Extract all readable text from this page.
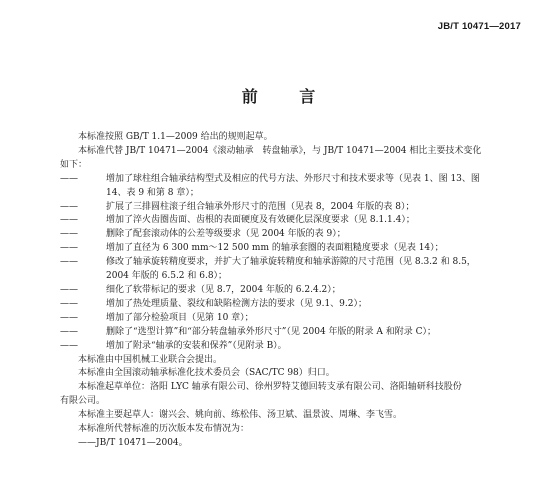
JB/T 10471—2017
前 言
本标准按照 GB/T 1.1—2009 给出的规则起草。
本标准代替 JB/T 10471—2004《滚动轴承　转盘轴承》，与 JB/T 10471—2004 相比主要技术变化
如下：
——	增加了球柱组合轴承结构型式及相应的代号方法、外形尺寸和技术要求等（见表 1、图 13、图
14、表 9 和第 8 章）；
——	扩展了三排圆柱滚子组合轴承外形尺寸的范围（见表 8，2004 年版的表 8）；
——	增加了淬火齿圈齿面、齿根的表面硬度及有效硬化层深度要求（见 8.1.1.4）；
——	删除了配套滚动体的公差等级要求（见 2004 年版的表 9）；
——	增加了直径为 6 300 mm～12 500 mm 的轴承套圈的表面粗糙度要求（见表 14）；
——	修改了轴承旋转精度要求，并扩大了轴承旋转精度和轴承游隙的尺寸范围（见 8.3.2 和 8.5，
2004 年版的 6.5.2 和 6.8）；
——	细化了软带标记的要求（见 8.7，2004 年版的 6.2.4.2）；
——	增加了热处理质量、裂纹和缺陷检测方法的要求（见 9.1、9.2）；
——	增加了部分检验项目（见第 10 章）；
——	删除了“选型计算”和“部分转盘轴承外形尺寸”（见 2004 年版的附录 A 和附录 C）；
——	增加了附录“轴承的安装和保养”（见附录 B）。
本标准由中国机械工业联合会提出。
本标准由全国滚动轴承标准化技术委员会（SAC/TC 98）归口。
本标准起草单位：洛阳 LYC 轴承有限公司、徐州罗特艾德回转支承有限公司、洛阳轴研科技股份
有限公司。
本标准主要起草人：谢兴会、姚向前、练松伟、汤卫斌、温景波、周琳、李飞雪。
本标准所代替标准的历次版本发布情况为：
——JB/T 10471—2004。
